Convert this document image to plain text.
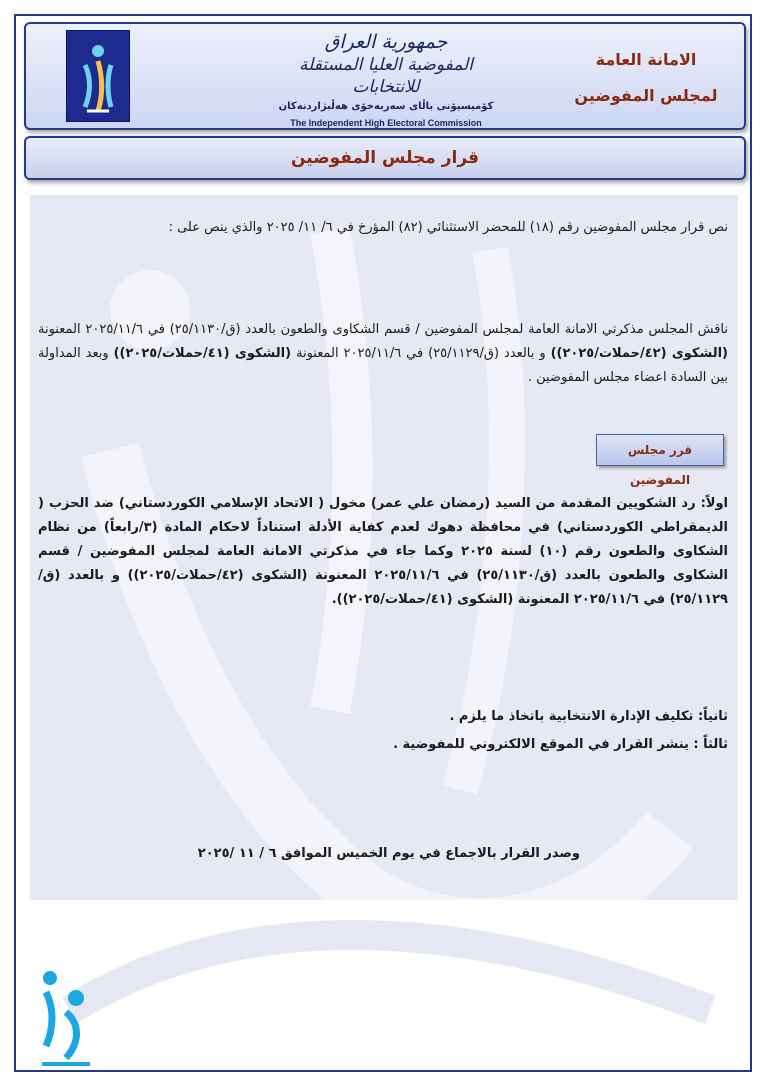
جمهورية العراق
المفوضية العليا المستقلة للانتخابات
كۆمیسیۆنی باڵای سەربەخۆی هەڵبژاردنەکان
The Independent High Electoral Commission
الامانة العامة
لمجلس المفوضين
قرار مجلس المفوضين
نص قرار مجلس المفوضين رقم (١٨) للمحضر الاستثنائي (٨٢) المؤرخ في ٦/ ١١/ ٢٠٢٥ والذي ينص على :
ناقش المجلس مذكرتي الامانة العامة لمجلس المفوضين / قسم الشكاوى والطعون بالعدد (ق/٢٥/١١٣٠) في ٢٠٢٥/١١/٦ المعنونة (الشكوى (٤٢/حملات/٢٠٢٥)) و بالعدد (ق/٢٥/١١٢٩) في ٢٠٢٥/١١/٦ المعنونة (الشكوى (٤١/حملات/٢٠٢٥)) وبعد المداولة بين السادة اعضاء مجلس المفوضين .
قرر مجلس المفوضين
اولاً: رد الشكويين المقدمة من السيد (رمضان علي عمر) مخول ( الاتحاد الإسلامي الكوردستاني) ضد الحزب ( الديمقراطي الكوردستاني) في محافظة دهوك لعدم كفاية الأدلة استناداً لاحكام المادة (٣/رابعاً) من نظام الشكاوى والطعون رقم (١٠) لسنة ٢٠٢٥ وكما جاء في مذكرتي الامانة العامة لمجلس المفوضين / قسم الشكاوى والطعون بالعدد (ق/٢٥/١١٣٠) في ٢٠٢٥/١١/٦ المعنونة (الشكوى (٤٢/حملات/٢٠٢٥)) و بالعدد (ق/٢٥/١١٢٩) في ٢٠٢٥/١١/٦ المعنونة (الشكوى (٤١/حملات/٢٠٢٥)).
ثانياً: تكليف الإدارة الانتخابية باتخاذ ما يلزم .
ثالثاً : ينشر القرار في الموقع الالكتروني للمفوضية .
وصدر القرار بالاجماع في يوم الخميس الموافق ٦ / ١١ /٢٠٢٥
